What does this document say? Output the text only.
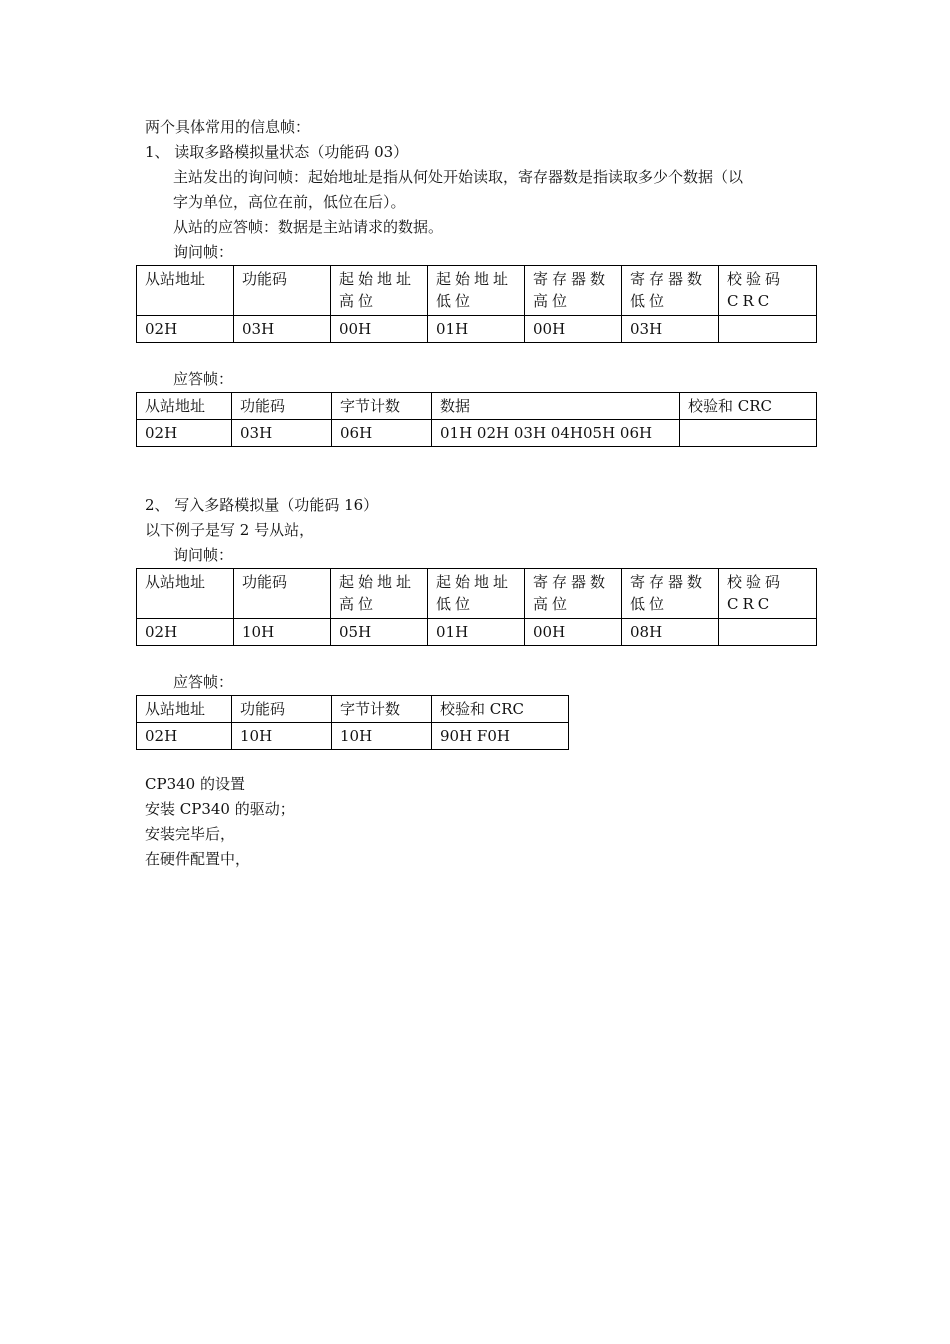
两个具体常用的信息帧：
1、 读取多路模拟量状态（功能码 03）
主站发出的询问帧：起始地址是指从何处开始读取，寄存器数是指读取多少个数据（以
字为单位，高位在前，低位在后）。
从站的应答帧：数据是主站请求的数据。
询问帧：
从站地址	功能码	起始地址高位	起始地址低位	寄存器数高位	寄存器数低位	校验码 CRC
02H	03H	00H	01H	00H	03H	
应答帧：
从站地址	功能码	字节计数	数据	校验和 CRC
02H	03H	06H	01H 02H 03H 04H05H 06H	
2、 写入多路模拟量（功能码 16）
以下例子是写 2 号从站，
询问帧：
从站地址	功能码	起始地址高位	起始地址低位	寄存器数高位	寄存器数低位	校验码 CRC
02H	10H	05H	01H	00H	08H	
应答帧：
从站地址	功能码	字节计数	校验和 CRC
02H	10H	10H	90H F0H
CP340 的设置
安装 CP340 的驱动；
安装完毕后，
在硬件配置中，
